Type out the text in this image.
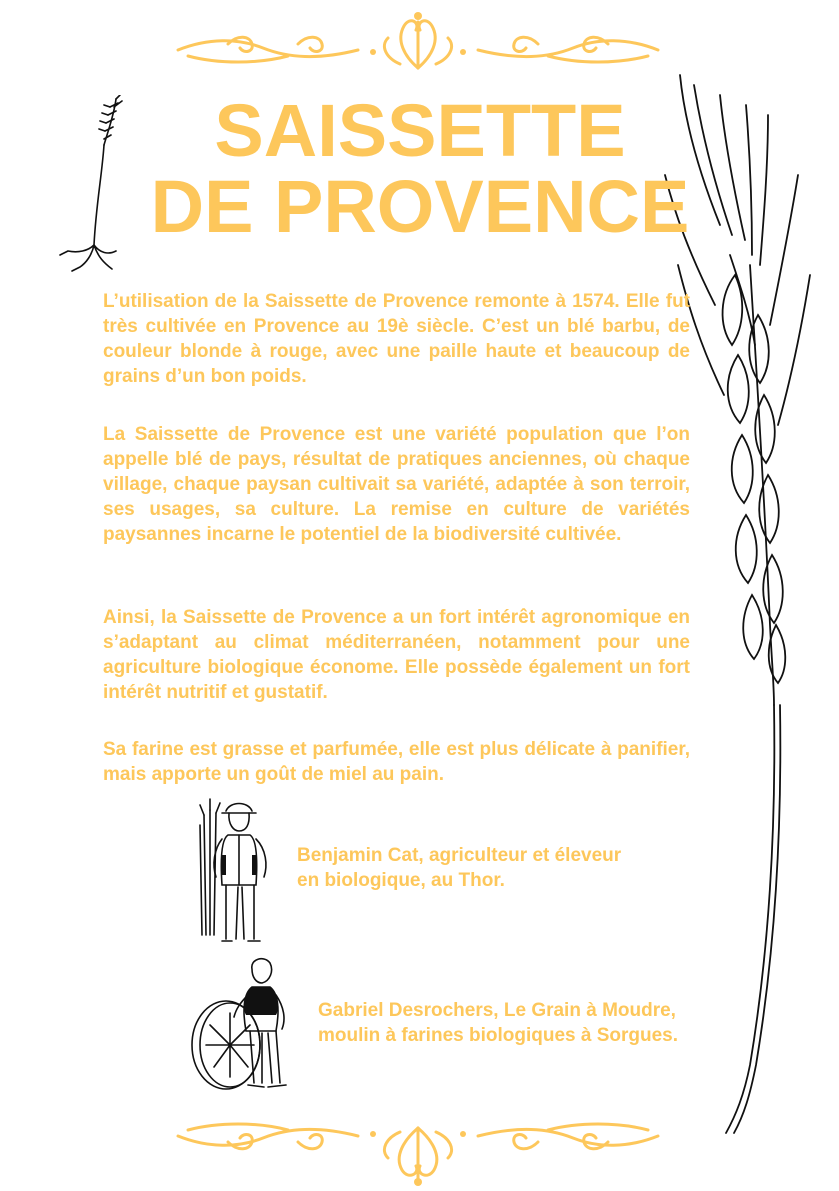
SAISSETTE
DE PROVENCE

L’utilisation de la Saissette de Provence remonte à 1574. Elle fut très cultivée en Provence au 19è siècle. C’est un blé barbu, de couleur blonde à rouge, avec une paille haute et beaucoup de grains d’un bon poids.

La Saissette de Provence est une variété population que l’on appelle blé de pays, résultat de pratiques anciennes, où chaque village, chaque paysan cultivait sa variété, adaptée à son terroir, ses usages, sa culture. La remise en culture de variétés paysannes incarne le potentiel de la biodiversité cultivée.

Ainsi, la Saissette de Provence a un fort intérêt agronomique en s’adaptant au climat méditerranéen, notamment pour une agriculture biologique économe. Elle possède également un fort intérêt nutritif et gustatif.

Sa farine est grasse et parfumée, elle est plus délicate à panifier, mais apporte un goût de miel au pain.

Benjamin Cat, agriculteur et éleveur
en biologique, au Thor.

Gabriel Desrochers, Le Grain à Moudre,
moulin à farines biologiques à Sorgues.
